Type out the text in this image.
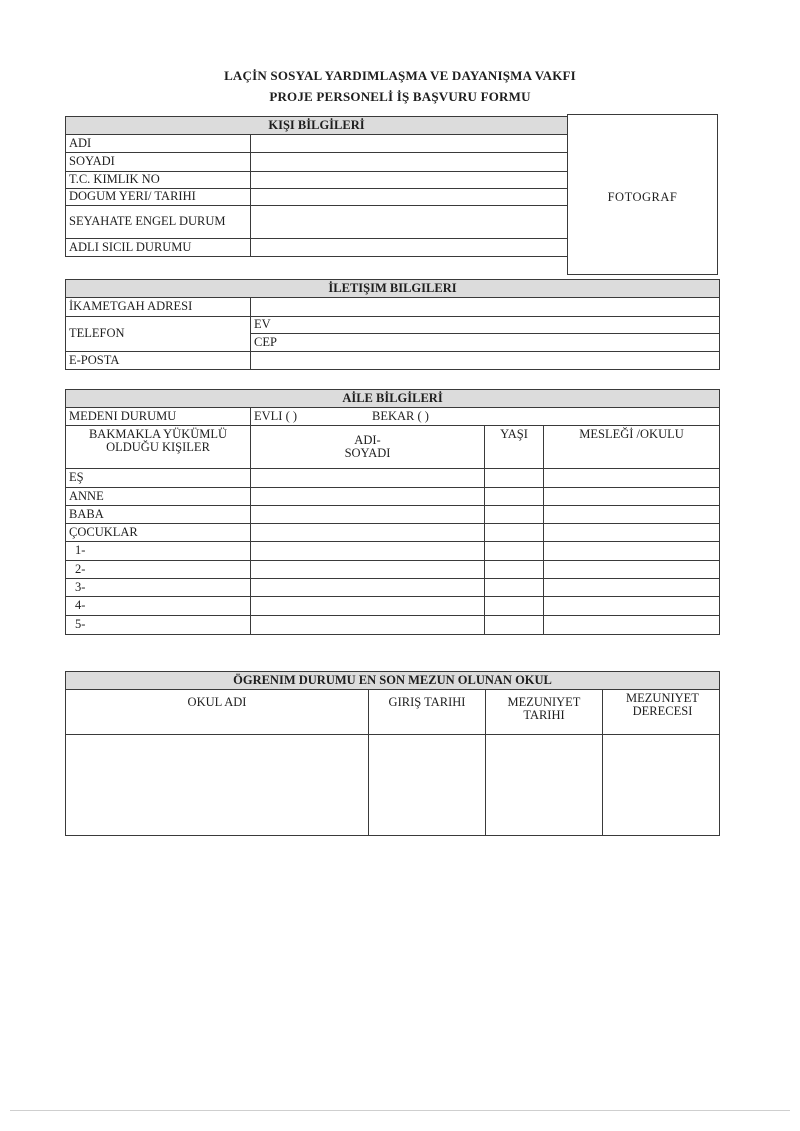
LAÇİN SOSYAL YARDIMLAŞMA VE DAYANIŞMA VAKFI
PROJE PERSONELİ İŞ BAŞVURU FORMU
KIŞI BİLGİLERİ	
ADI	
SOYADI	
T.C. KIMLIK NO	
DOGUM YERI/ TARIHI	
SEYAHATE ENGEL DURUM	
ADLI SICIL DURUMU	
FOTOGRAF
İLETIŞIM BILGILERI	
İKAMETGAH ADRESI	
TELEFON	EV
	CEP
E-POSTA	
AİLE BİLGİLERİ			
MEDENI DURUMU	EVLI ( ) BEKAR ( )		
BAKMAKLA YÜKÜMLÜ OLDUĞU KIŞILER	ADI-SOYADI	YAŞI	MESLEĞİ /OKULU
EŞ			
ANNE			
BABA			
ÇOCUKLAR			
1-			
2-			
3-			
4-			
5-			
ÖGRENIM DURUMU EN SON MEZUN OLUNAN OKUL			
OKUL ADI	GIRIŞ TARIHI	MEZUNIYET TARIHI	MEZUNIYET DERECESI
